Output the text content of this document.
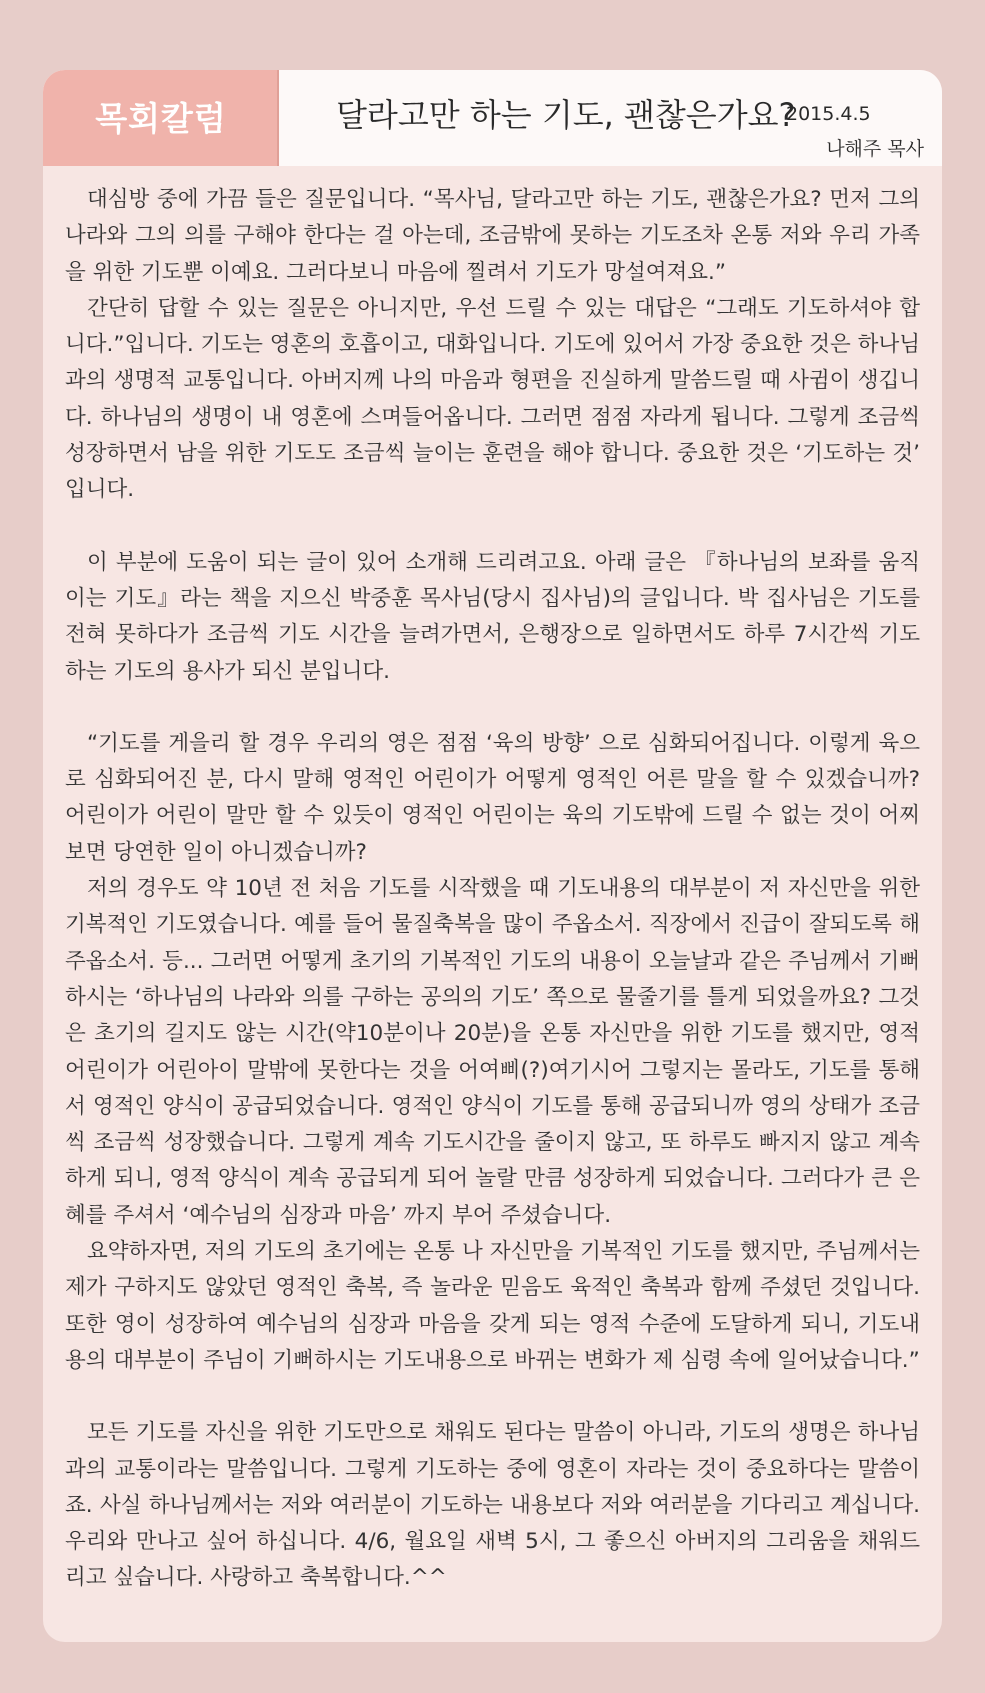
목회칼럼	달라고만 하는 기도, 괜찮은가요?
2015.4.5
나해주 목사

대심방 중에 가끔 들은 질문입니다. “목사님, 달라고만 하는 기도, 괜찮은가요? 먼저 그의 나라와 그의 의를 구해야 한다는 걸 아는데, 조금밖에 못하는 기도조차 온통 저와 우리 가족을 위한 기도뿐 이예요. 그러다보니 마음에 찔려서 기도가 망설여져요.”

간단히 답할 수 있는 질문은 아니지만, 우선 드릴 수 있는 대답은 “그래도 기도하셔야 합니다.”입니다. 기도는 영혼의 호흡이고, 대화입니다. 기도에 있어서 가장 중요한 것은 하나님과의 생명적 교통입니다. 아버지께 나의 마음과 형편을 진실하게 말씀드릴 때 사귐이 생깁니다. 하나님의 생명이 내 영혼에 스며들어옵니다. 그러면 점점 자라게 됩니다. 그렇게 조금씩 성장하면서 남을 위한 기도도 조금씩 늘이는 훈련을 해야 합니다. 중요한 것은 ‘기도하는 것’ 입니다.

이 부분에 도움이 되는 글이 있어 소개해 드리려고요. 아래 글은 『하나님의 보좌를 움직이는 기도』라는 책을 지으신 박중훈 목사님(당시 집사님)의 글입니다. 박 집사님은 기도를 전혀 못하다가 조금씩 기도 시간을 늘려가면서, 은행장으로 일하면서도 하루 7시간씩 기도하는 기도의 용사가 되신 분입니다.

“기도를 게을리 할 경우 우리의 영은 점점 ‘육의 방향’ 으로 심화되어집니다. 이렇게 육으로 심화되어진 분, 다시 말해 영적인 어린이가 어떻게 영적인 어른 말을 할 수 있겠습니까? 어린이가 어린이 말만 할 수 있듯이 영적인 어린이는 육의 기도밖에 드릴 수 없는 것이 어찌 보면 당연한 일이 아니겠습니까?

저의 경우도 약 10년 전 처음 기도를 시작했을 때 기도내용의 대부분이 저 자신만을 위한 기복적인 기도였습니다. 예를 들어 물질축복을 많이 주옵소서. 직장에서 진급이 잘되도록 해 주옵소서. 등... 그러면 어떻게 초기의 기복적인 기도의 내용이 오늘날과 같은 주님께서 기뻐하시는 ‘하나님의 나라와 의를 구하는 공의의 기도’ 쪽으로 물줄기를 틀게 되었을까요? 그것은 초기의 길지도 않는 시간(약10분이나 20분)을 온통 자신만을 위한 기도를 했지만, 영적 어린이가 어린아이 말밖에 못한다는 것을 어여삐(?)여기시어 그렇지는 몰라도, 기도를 통해서 영적인 양식이 공급되었습니다. 영적인 양식이 기도를 통해 공급되니까 영의 상태가 조금씩 조금씩 성장했습니다. 그렇게 계속 기도시간을 줄이지 않고, 또 하루도 빠지지 않고 계속하게 되니, 영적 양식이 계속 공급되게 되어 놀랄 만큼 성장하게 되었습니다. 그러다가 큰 은혜를 주셔서 ‘예수님의 심장과 마음’ 까지 부어 주셨습니다.

요약하자면, 저의 기도의 초기에는 온통 나 자신만을 기복적인 기도를 했지만, 주님께서는 제가 구하지도 않았던 영적인 축복, 즉 놀라운 믿음도 육적인 축복과 함께 주셨던 것입니다. 또한 영이 성장하여 예수님의 심장과 마음을 갖게 되는 영적 수준에 도달하게 되니, 기도내용의 대부분이 주님이 기뻐하시는 기도내용으로 바뀌는 변화가 제 심령 속에 일어났습니다.”

모든 기도를 자신을 위한 기도만으로 채워도 된다는 말씀이 아니라, 기도의 생명은 하나님과의 교통이라는 말씀입니다. 그렇게 기도하는 중에 영혼이 자라는 것이 중요하다는 말씀이죠. 사실 하나님께서는 저와 여러분이 기도하는 내용보다 저와 여러분을 기다리고 계십니다. 우리와 만나고 싶어 하십니다. 4/6, 월요일 새벽 5시, 그 좋으신 아버지의 그리움을 채워드리고 싶습니다. 사랑하고 축복합니다.^^
